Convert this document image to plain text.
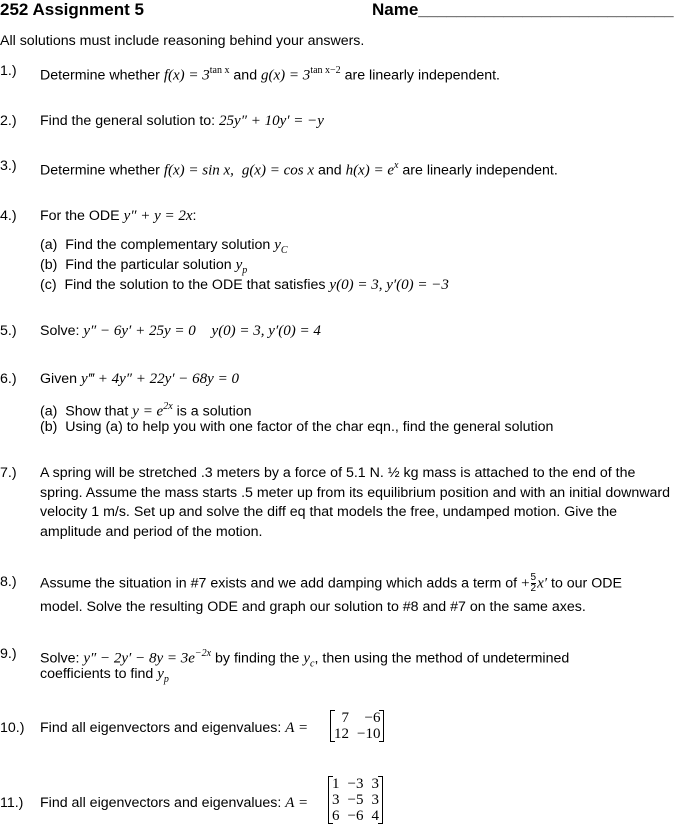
252 Assignment 5	Name___________________________
All solutions must include reasoning behind your answers.
1.) Determine whether $f(x) = 3^{tan x}$ and $g(x) = 3^{tan x-2}$ are linearly independent.
2.) Find the general solution to: 25y″ + 10y′ = −y
3.) Determine whether f(x) = sin x, g(x) = cos x and $h(x) = e^x$ are linearly independent.
4.) For the ODE y″ + y = 2x:
(a) Find the complementary solution $y_C$
(b) Find the particular solution $y_p$
(c) Find the solution to the ODE that satisfies y(0) = 3, y′(0) = −3
5.) Solve: y″ − 6y′ + 25y = 0 y(0) = 3, y′(0) = 4
6.) Given y‴ + 4y″ + 22y′ − 68y = 0
(a) Show that $y = e^{2x}$ is a solution
(b) Using (a) to help you with one factor of the char eqn., find the general solution
7.) A spring will be stretched .3 meters by a force of 5.1 N. ½ kg mass is attached to the end of the spring. Assume the mass starts .5 meter up from its equilibrium position and with an initial downward velocity 1 m/s. Set up and solve the diff eq that models the free, undamped motion. Give the amplitude and period of the motion.
8.) Assume the situation in #7 exists and we add damping which adds a term of + $\frac{5}{2} x'$ to our ODE
model. Solve the resulting ODE and graph our solution to #8 and #7 on the same axes.
9.) Solve: $y'' - 2y' - 8y = 3e^{-2x}$ by finding the $y_c$, then using the method of undetermined
coefficients to find $y_p$
10.) Find all eigenvectors and eigenvalues: A =
7	−6
12	−10
11.) Find all eigenvectors and eigenvalues: A =
1	−3	3
3	−5	3
6	−6	4
